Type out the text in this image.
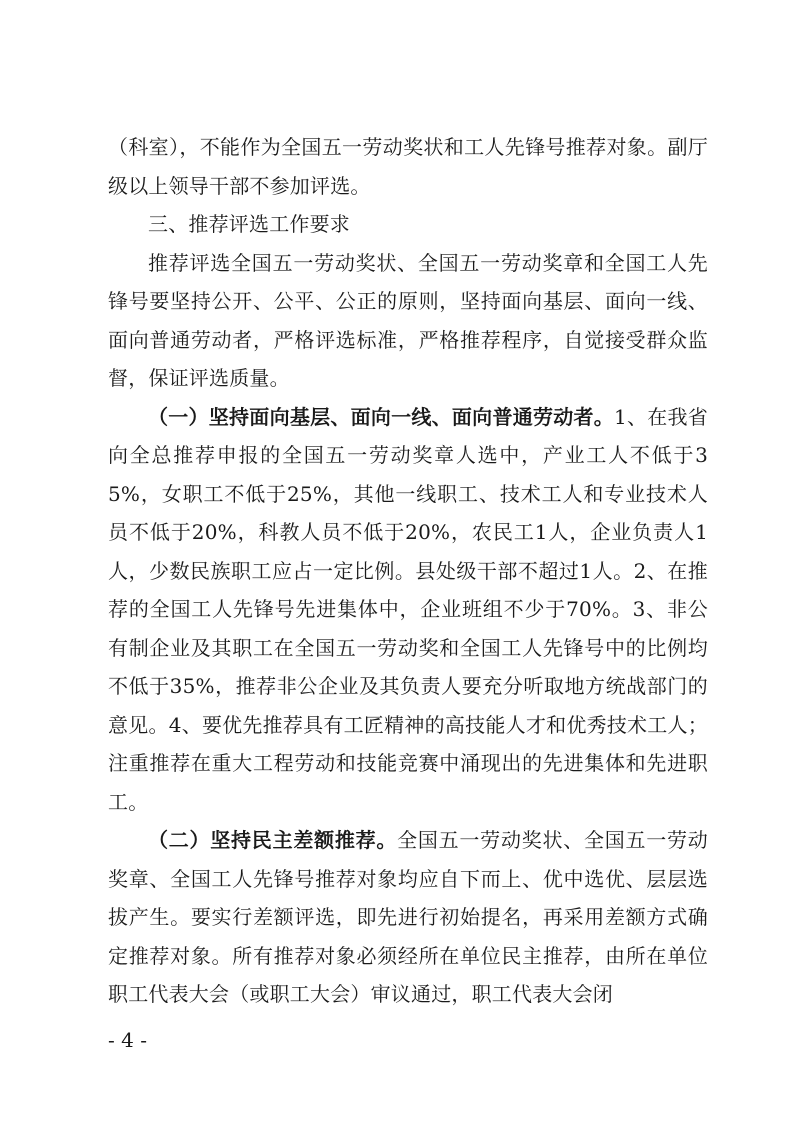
（科室），不能作为全国五一劳动奖状和工人先锋号推荐对象。副厅级以上领导干部不参加评选。

三、推荐评选工作要求

推荐评选全国五一劳动奖状、全国五一劳动奖章和全国工人先锋号要坚持公开、公平、公正的原则，坚持面向基层、面向一线、面向普通劳动者，严格评选标准，严格推荐程序，自觉接受群众监督，保证评选质量。

（一）坚持面向基层、面向一线、面向普通劳动者。1、在我省向全总推荐申报的全国五一劳动奖章人选中，产业工人不低于35%，女职工不低于25%，其他一线职工、技术工人和专业技术人员不低于20%，科教人员不低于20%，农民工1人，企业负责人1人，少数民族职工应占一定比例。县处级干部不超过1人。2、在推荐的全国工人先锋号先进集体中，企业班组不少于70%。3、非公有制企业及其职工在全国五一劳动奖和全国工人先锋号中的比例均不低于35%，推荐非公企业及其负责人要充分听取地方统战部门的意见。4、要优先推荐具有工匠精神的高技能人才和优秀技术工人；注重推荐在重大工程劳动和技能竞赛中涌现出的先进集体和先进职工。

（二）坚持民主差额推荐。全国五一劳动奖状、全国五一劳动奖章、全国工人先锋号推荐对象均应自下而上、优中选优、层层选拔产生。要实行差额评选，即先进行初始提名，再采用差额方式确定推荐对象。所有推荐对象必须经所在单位民主推荐，由所在单位职工代表大会（或职工大会）审议通过，职工代表大会闭

- 4 -
